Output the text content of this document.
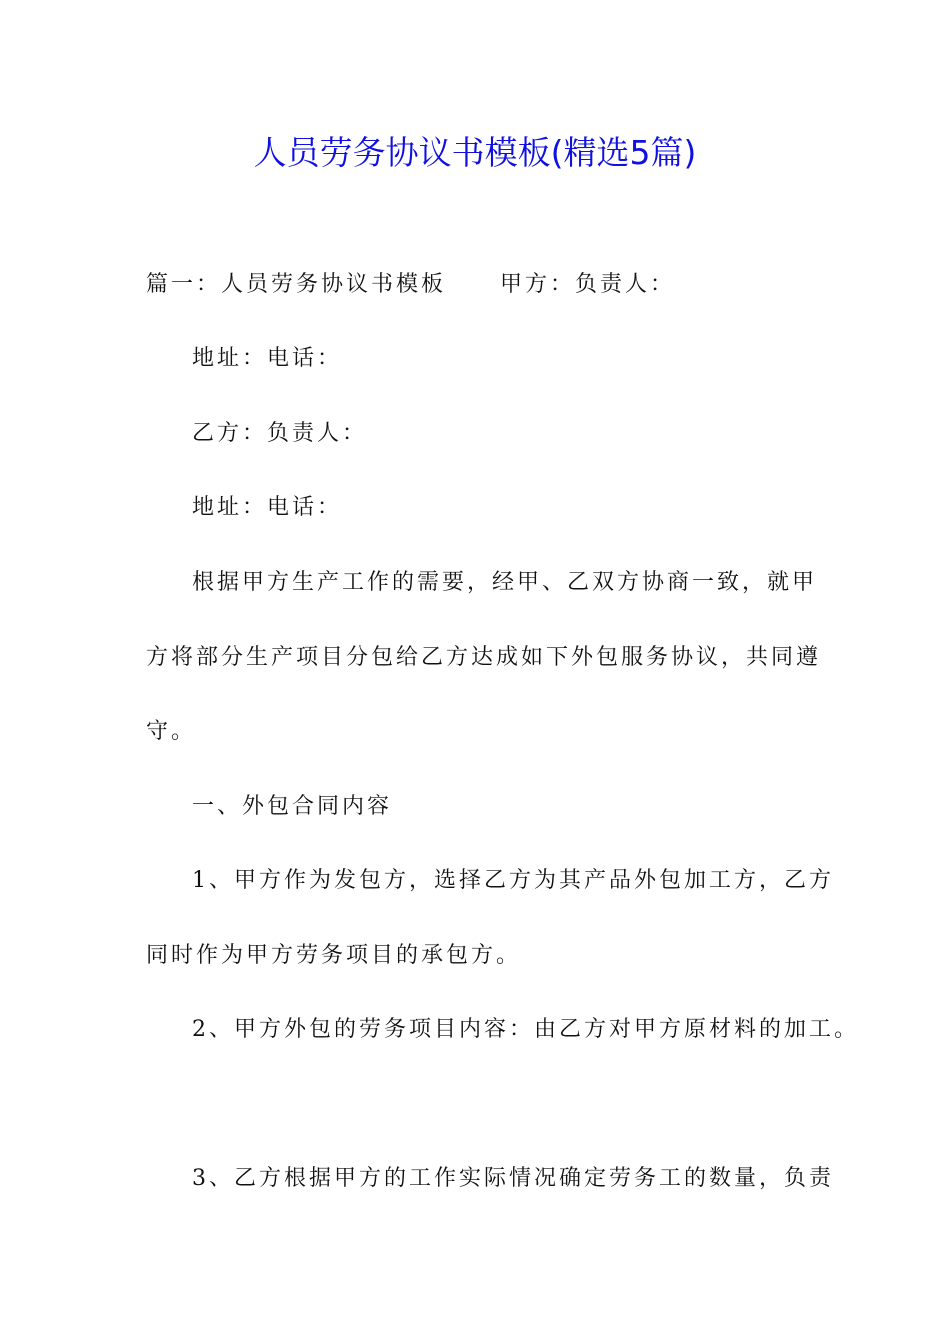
人员劳务协议书模板(精选5篇)

篇一：人员劳务协议书模板 甲方：负责人：

地址：电话：

乙方：负责人：

地址：电话：

根据甲方生产工作的需要，经甲、乙双方协商一致，就甲

方将部分生产项目分包给乙方达成如下外包服务协议，共同遵

守。

一、外包合同内容

1、甲方作为发包方，选择乙方为其产品外包加工方，乙方

同时作为甲方劳务项目的承包方。

2、甲方外包的劳务项目内容：由乙方对甲方原材料的加工。

3、乙方根据甲方的工作实际情况确定劳务工的数量，负责
